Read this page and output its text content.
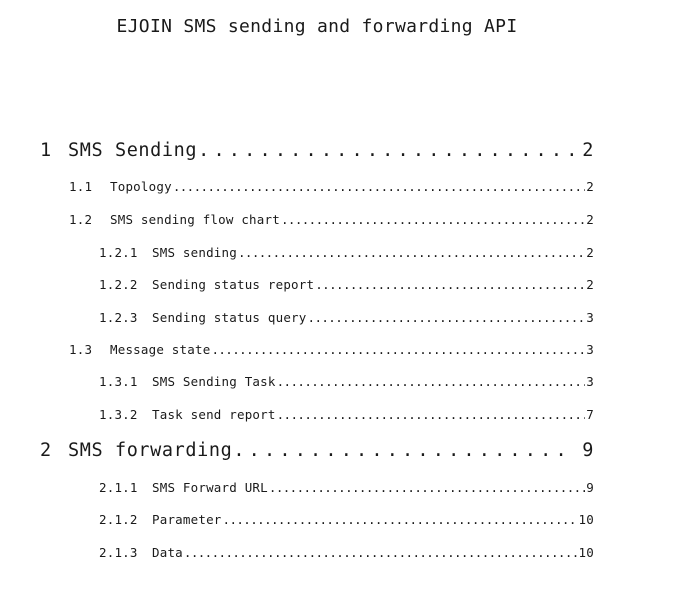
EJOIN SMS sending and forwarding API
1 SMS Sending .....	2
1.1	Topology .....	2
1.2	SMS sending flow chart .....	2
1.2.1	SMS sending .....	2
1.2.2	Sending status report .....	2
1.2.3	Sending status query .....	3
1.3	Message state .....	3
1.3.1	SMS Sending Task .....	3
1.3.2	Task send report .....	7
2 SMS forwarding .....	9
2.1.1	SMS Forward URL .....	9
2.1.2	Parameter .....	10
2.1.3	Data .....	10
